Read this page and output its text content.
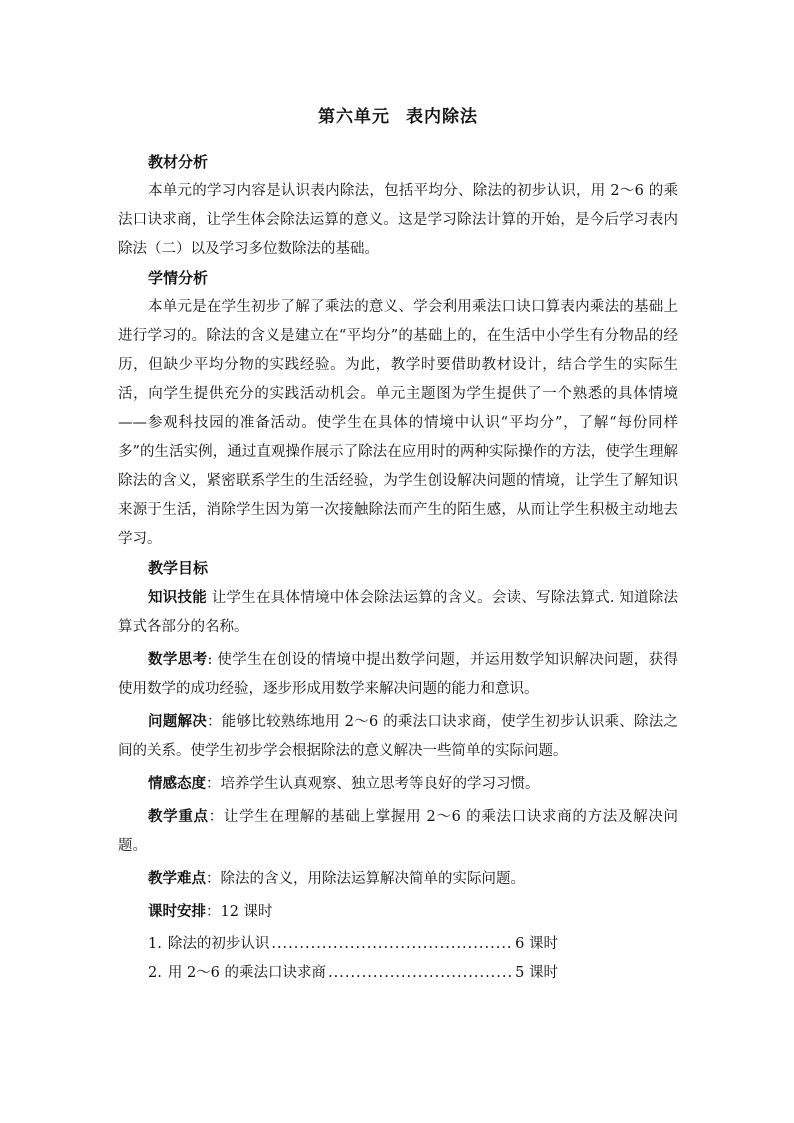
第六单元 表内除法

教材分析

本单元的学习内容是认识表内除法，包括平均分、除法的初步认识，用 2～6 的乘法口诀求商，让学生体会除法运算的意义。这是学习除法计算的开始，是今后学习表内除法（二）以及学习多位数除法的基础。

学情分析

本单元是在学生初步了解了乘法的意义、学会利用乘法口诀口算表内乘法的基础上进行学习的。除法的含义是建立在“平均分”的基础上的，在生活中小学生有分物品的经历，但缺少平均分物的实践经验。为此，教学时要借助教材设计，结合学生的实际生活，向学生提供充分的实践活动机会。单元主题图为学生提供了一个熟悉的具体情境——参观科技园的准备活动。使学生在具体的情境中认识“平均分”，了解“每份同样多”的生活实例，通过直观操作展示了除法在应用时的两种实际操作的方法，使学生理解除法的含义，紧密联系学生的生活经验，为学生创设解决问题的情境，让学生了解知识来源于生活，消除学生因为第一次接触除法而产生的陌生感，从而让学生积极主动地去学习。

教学目标

知识技能 让学生在具体情境中体会除法运算的含义。会读、写除法算式. 知道除法算式各部分的名称。

数学思考: 使学生在创设的情境中提出数学问题，并运用数学知识解决问题，获得使用数学的成功经验，逐步形成用数学来解决问题的能力和意识。

问题解决：能够比较熟练地用 2～6 的乘法口诀求商，使学生初步认识乘、除法之间的关系。使学生初步学会根据除法的意义解决一些简单的实际问题。

情感态度：培养学生认真观察、独立思考等良好的学习习惯。

教学重点：让学生在理解的基础上掌握用 2～6 的乘法口诀求商的方法及解决问题。

教学难点：除法的含义，用除法运算解决简单的实际问题。

课时安排：12 课时

1. 除法的初步认识 .....	6 课时
2. 用 2～6 的乘法口诀求商 .....	5 课时
